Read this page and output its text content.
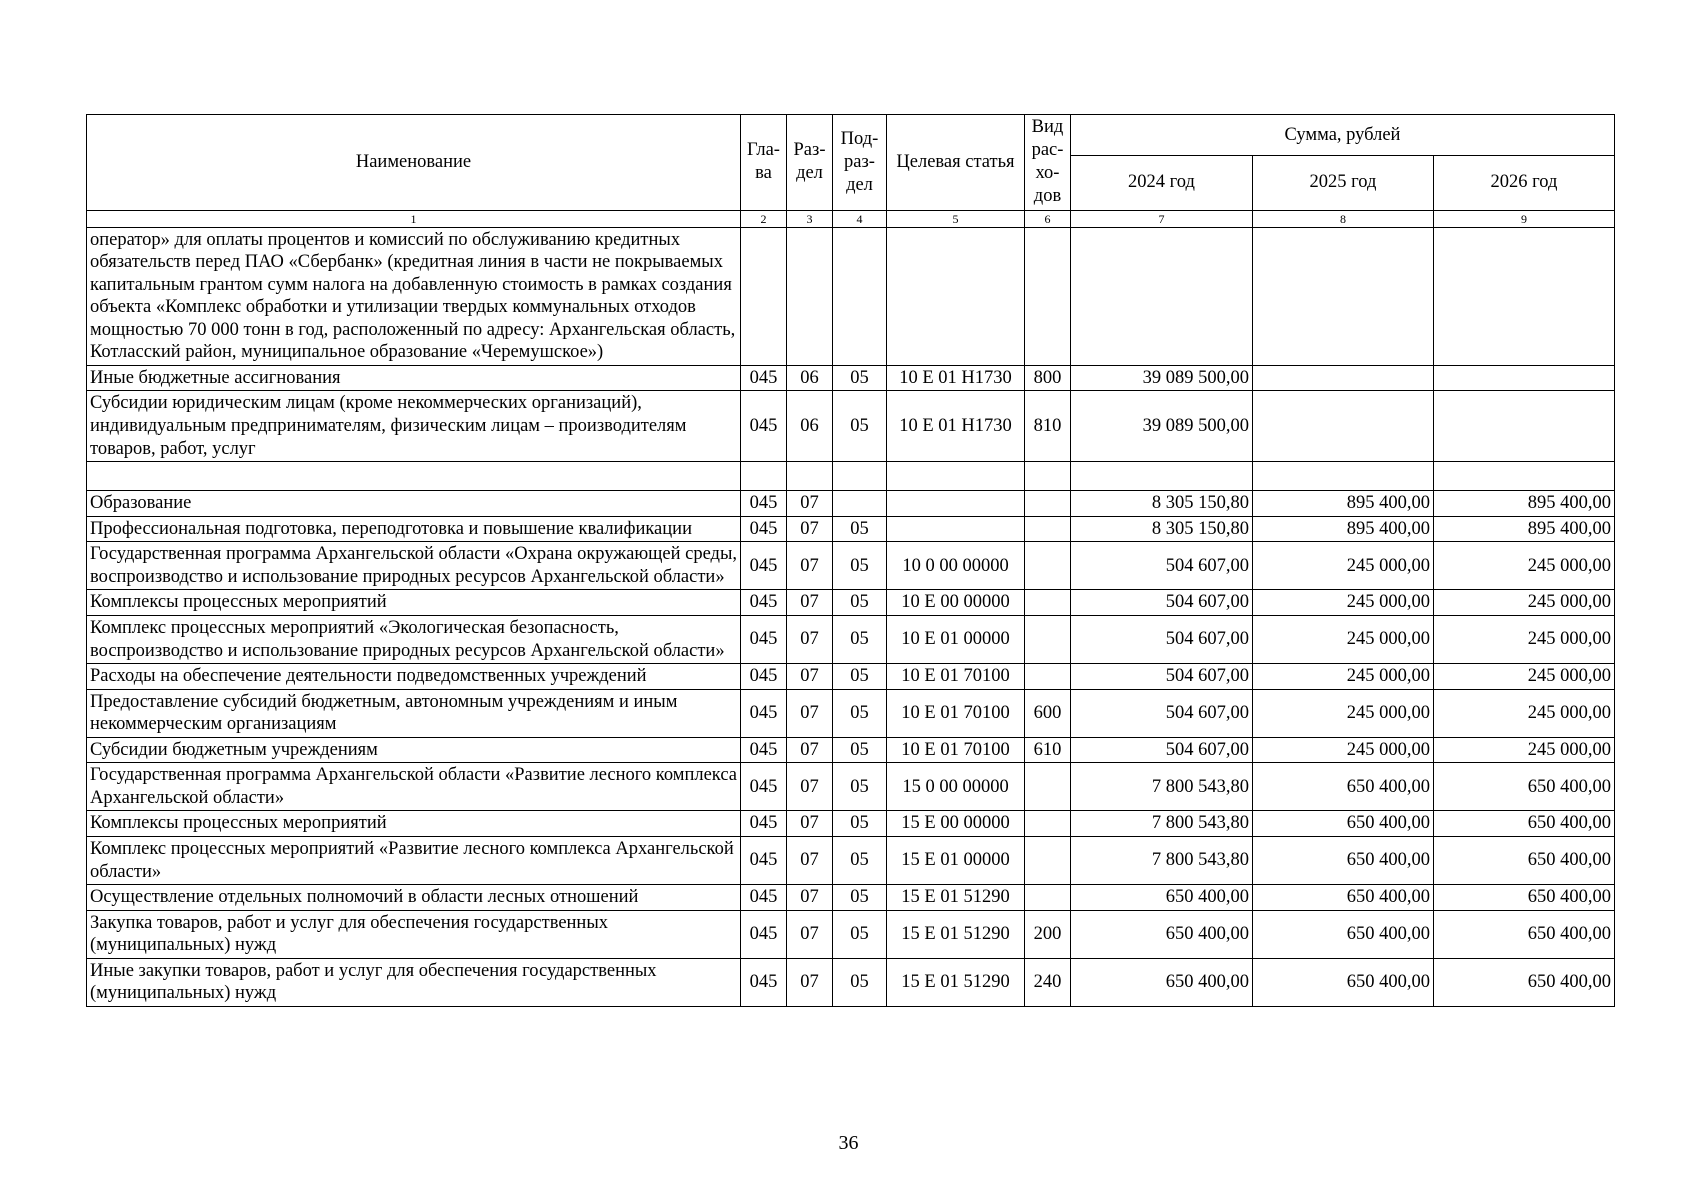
Наименование	Гла-ва	Раз-дел	Под-раз-дел	Целевая статья	Вид рас-хо-дов	Сумма, рублей		
						2024 год	2025 год	2026 год
1	2	3	4	5	6	7	8	9
оператор» для оплаты процентов и комиссий по обслуживанию кредитных обязательств перед ПАО «Сбербанк» (кредитная линия в части не покрываемых капитальным грантом сумм налога на добавленную стоимость в рамках создания объекта «Комплекс обработки и утилизации твердых коммунальных отходов мощностью 70 000 тонн в год, расположенный по адресу: Архангельская область, Котласский район, муниципальное образование «Черемушское»)								
Иные бюджетные ассигнования	045	06	05	10 Е 01 Н1730	800	39 089 500,00		
Субсидии юридическим лицам (кроме некоммерческих организаций), индивидуальным предпринимателям, физическим лицам – производителям товаров, работ, услуг	045	06	05	10 Е 01 Н1730	810	39 089 500,00		

Образование	045	07				8 305 150,80	895 400,00	895 400,00
Профессиональная подготовка, переподготовка и повышение квалификации	045	07	05			8 305 150,80	895 400,00	895 400,00
Государственная программа Архангельской области «Охрана окружающей среды, воспроизводство и использование природных ресурсов Архангельской области»	045	07	05	10 0 00 00000		504 607,00	245 000,00	245 000,00
Комплексы процессных мероприятий	045	07	05	10 Е 00 00000		504 607,00	245 000,00	245 000,00
Комплекс процессных мероприятий «Экологическая безопасность, воспроизводство и использование природных ресурсов Архангельской области»	045	07	05	10 Е 01 00000		504 607,00	245 000,00	245 000,00
Расходы на обеспечение деятельности подведомственных учреждений	045	07	05	10 Е 01 70100		504 607,00	245 000,00	245 000,00
Предоставление субсидий бюджетным, автономным учреждениям и иным некоммерческим организациям	045	07	05	10 Е 01 70100	600	504 607,00	245 000,00	245 000,00
Субсидии бюджетным учреждениям	045	07	05	10 Е 01 70100	610	504 607,00	245 000,00	245 000,00
Государственная программа Архангельской области «Развитие лесного комплекса Архангельской области»	045	07	05	15 0 00 00000		7 800 543,80	650 400,00	650 400,00
Комплексы процессных мероприятий	045	07	05	15 Е 00 00000		7 800 543,80	650 400,00	650 400,00
Комплекс процессных мероприятий «Развитие лесного комплекса Архангельской области»	045	07	05	15 Е 01 00000		7 800 543,80	650 400,00	650 400,00
Осуществление отдельных полномочий в области лесных отношений	045	07	05	15 Е 01 51290		650 400,00	650 400,00	650 400,00
Закупка товаров, работ и услуг для обеспечения государственных (муниципальных) нужд	045	07	05	15 Е 01 51290	200	650 400,00	650 400,00	650 400,00
Иные закупки товаров, работ и услуг для обеспечения государственных (муниципальных) нужд	045	07	05	15 Е 01 51290	240	650 400,00	650 400,00	650 400,00
36
